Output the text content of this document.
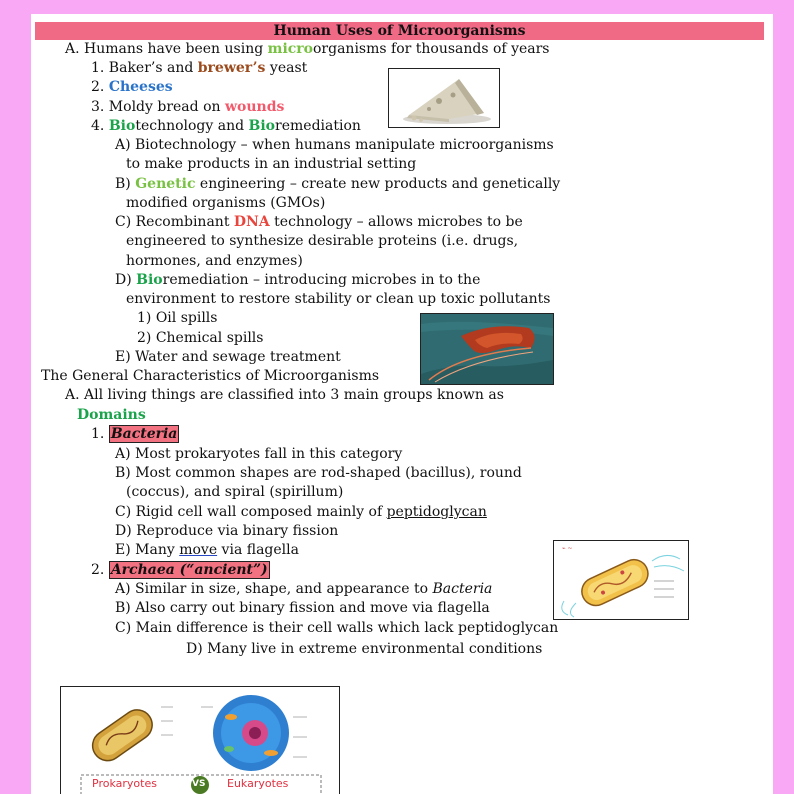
Human Uses of Microorganisms
A. Humans have been using microorganisms for thousands of years
1. Baker’s and brewer’s yeast
2. Cheeses
3. Moldy bread on wounds
4. Biotechnology and Bioremediation
A) Biotechnology – when humans manipulate microorganisms
to make products in an industrial setting
B) Genetic engineering – create new products and genetically
modified organisms (GMOs)
C) Recombinant DNA technology – allows microbes to be
engineered to synthesize desirable proteins (i.e. drugs,
hormones, and enzymes)
D) Bioremediation – introducing microbes in to the
environment to restore stability or clean up toxic pollutants
1) Oil spills
2) Chemical spills
E) Water and sewage treatment
The General Characteristics of Microorganisms
A. All living things are classified into 3 main groups known as
Domains
1. Bacteria
A) Most prokaryotes fall in this category
B) Most common shapes are rod-shaped (bacillus), round
(coccus), and spiral (spirillum)
C) Rigid cell wall composed mainly of peptidoglycan
D) Reproduce via binary fission
E) Many move via flagella
2. Archaea (“ancient”)
A) Similar in size, shape, and appearance to Bacteria
B) Also carry out binary fission and move via flagella
C) Main difference is their cell walls which lack peptidoglycan
D) Many live in extreme environmental conditions
⌁ ~
Prokaryotes	VS Eukaryotes
